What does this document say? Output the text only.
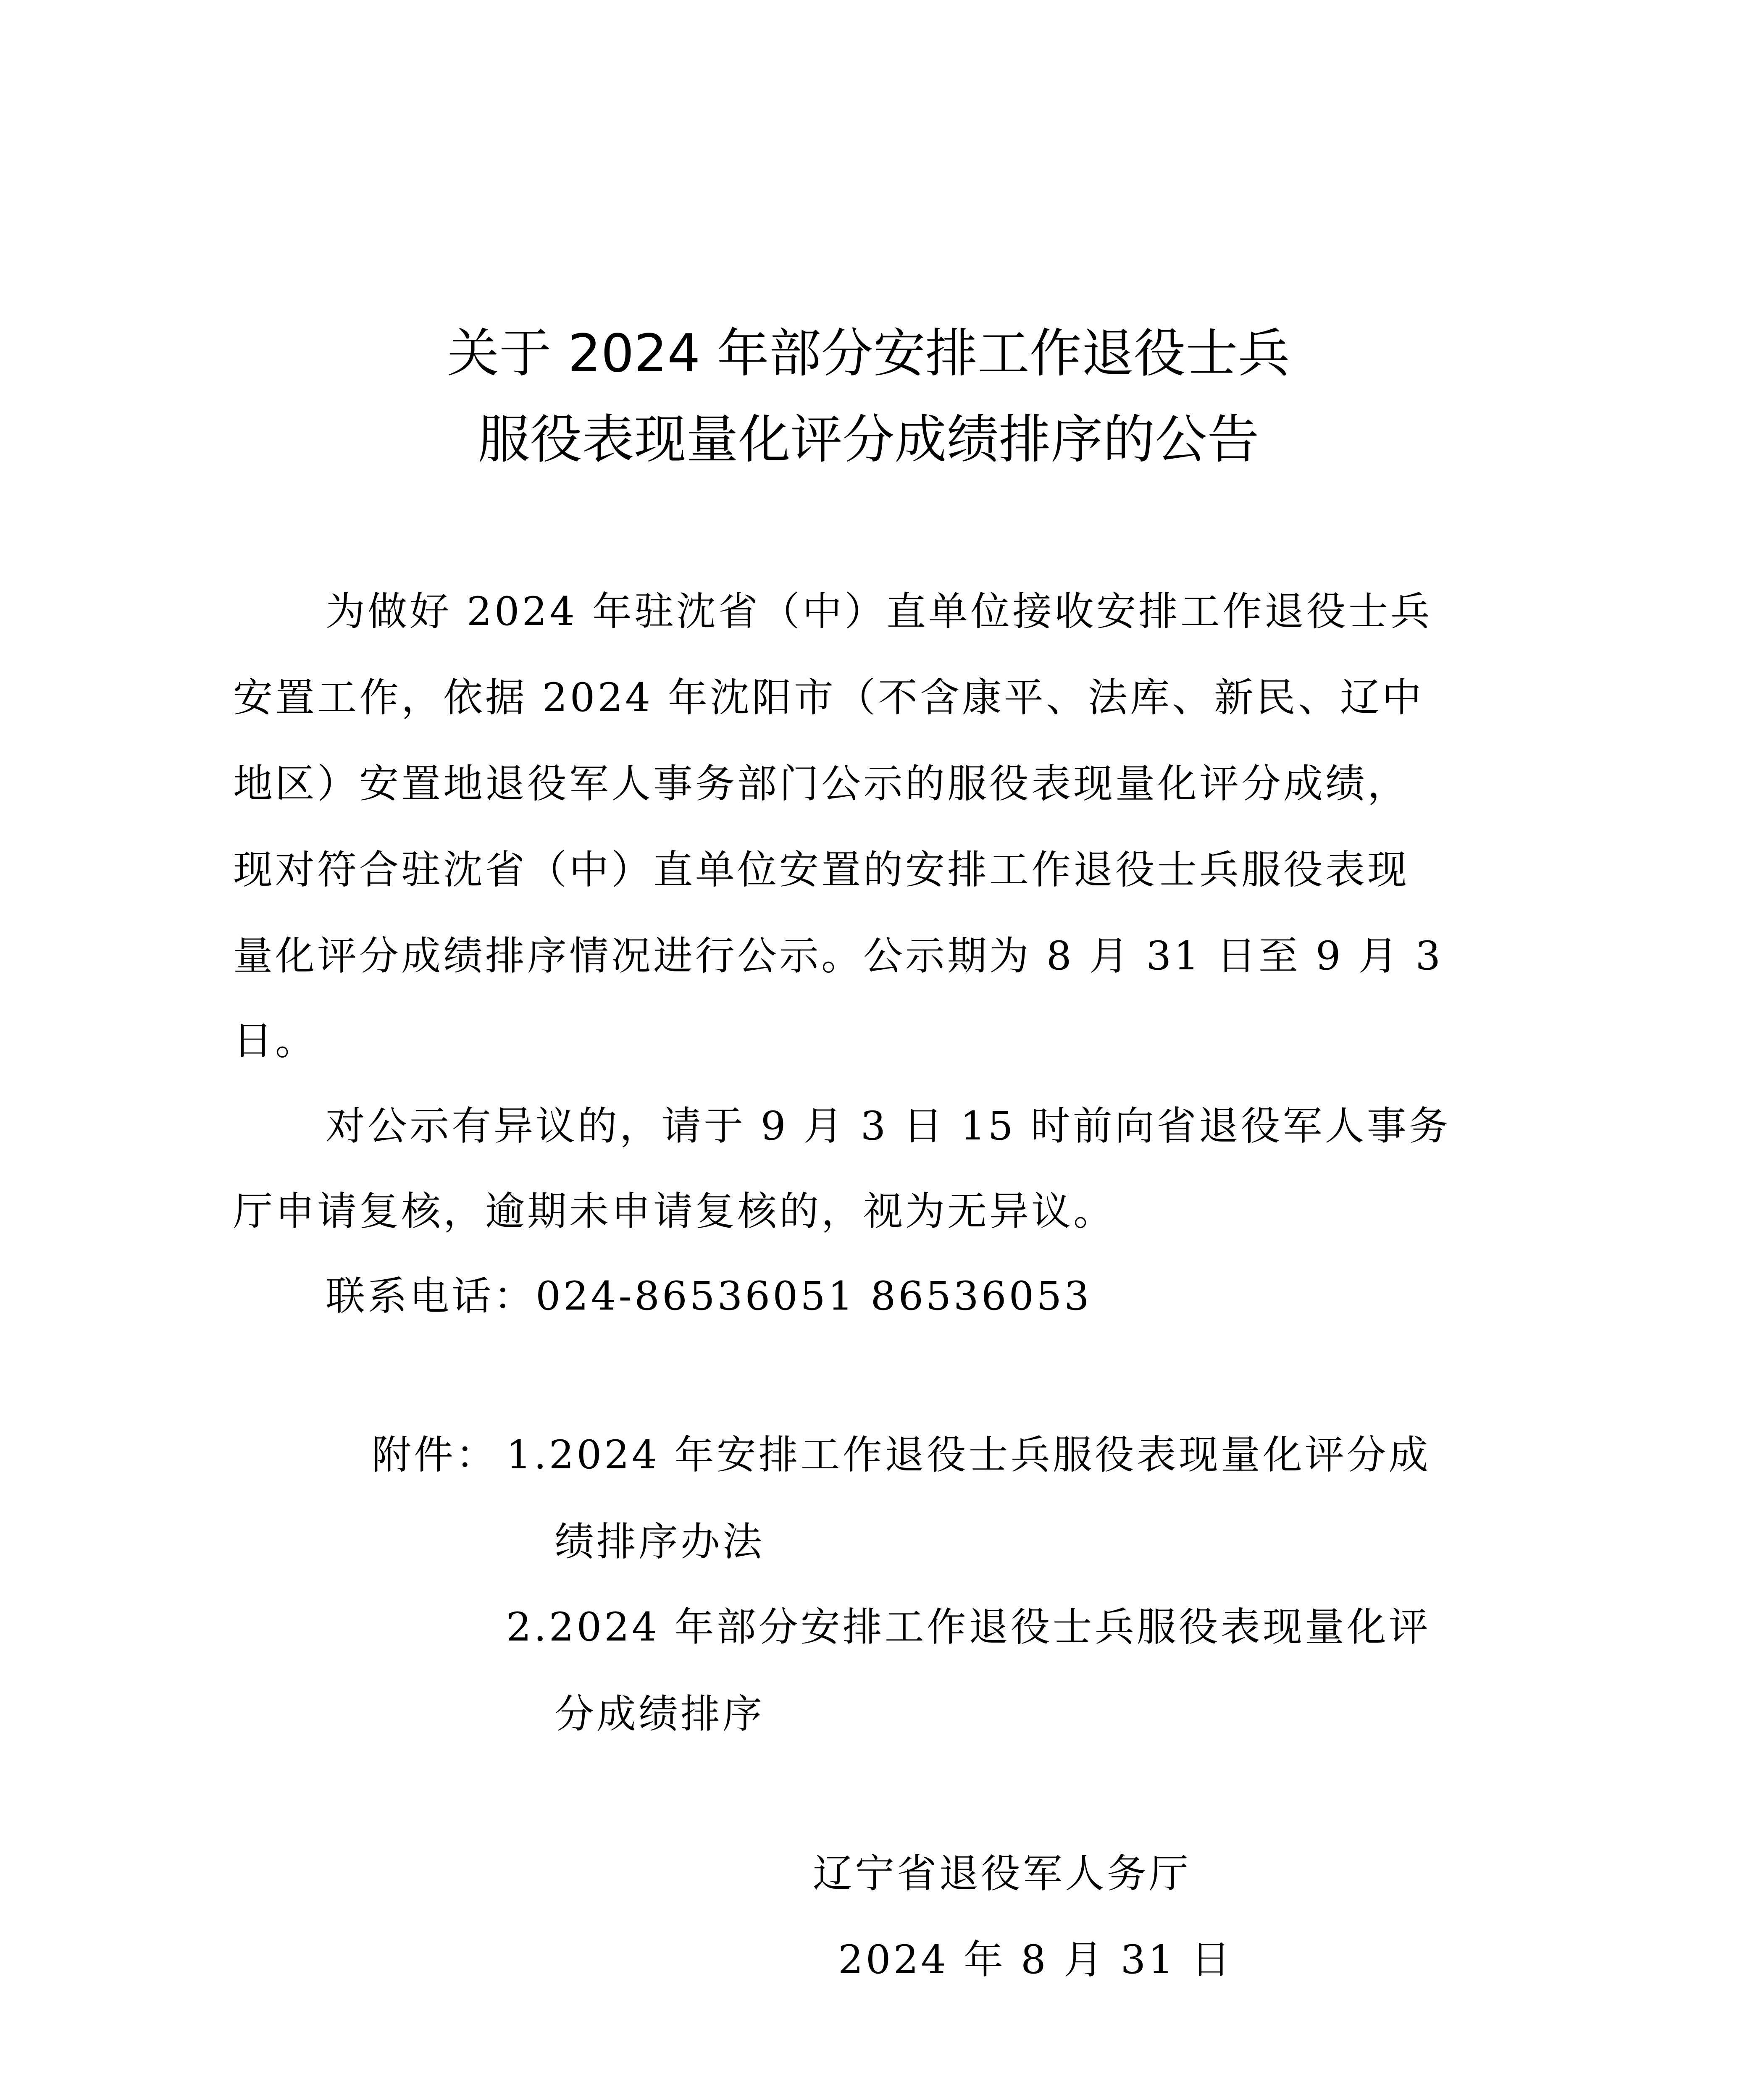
关于 2024 年部分安排工作退役士兵
服役表现量化评分成绩排序的公告
为做好 2024 年驻沈省（中）直单位接收安排工作退役士兵
安置工作，依据 2024 年沈阳市（不含康平、法库、新民、辽中
地区）安置地退役军人事务部门公示的服役表现量化评分成绩，
现对符合驻沈省（中）直单位安置的安排工作退役士兵服役表现
量化评分成绩排序情况进行公示。公示期为 8 月 31 日至 9 月 3
日。
对公示有异议的，请于 9 月 3 日 15 时前向省退役军人事务
厅申请复核，逾期未申请复核的，视为无异议。
联系电话：024-86536051 86536053
附件： 1.2024 年安排工作退役士兵服役表现量化评分成
绩排序办法
2.2024 年部分安排工作退役士兵服役表现量化评
分成绩排序
辽宁省退役军人务厅
2024 年 8 月 31 日
